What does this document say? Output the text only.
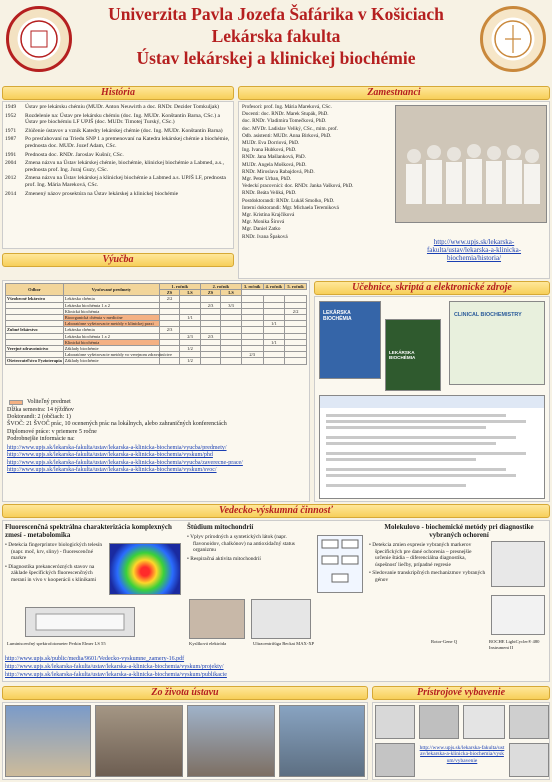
Univerzita Pavla Jozefa Šafárika v Košiciach
Lekárska fakulta
Ústav lekárskej a klinickej biochémie
História
1949	Ústav pre lekársku chémiu (MUDr. Anton Neuwirth a doc. RNDr. Dezider Tomkuljak)
1952	Rozdelenie na: Ústav pre lekársku chémiu (doc. Ing. MUDr. Konštantín Barna, CSc.) a Ústav pre biochémiu LF UPJŠ (doc. MUDr. Timotej Turský, CSc.)
1971	Zlúčenie ústavov a vznik Katedry lekárskej chémie (doc. Ing. MUDr. Konštantín Barna)
1987	Po presťahovaní na Triedu SNP 1 a premenovaní na Katedra lekárskej chémie a biochémie, prednosta doc. MUDr. Jozef Adam, CSc.
1991	Prednosta doc. RNDr. Jaroslav Kušnír, CSc.
2004	Zmena názvu na Ústav lekárskej chémie, biochémie, klinickej biochémie a Labmed, a.s., prednosta prof. Ing. Juraj Guzy, CSc.
2012	Zmena názvu na Ústav lekárskej a klinickej biochémie a Labmed a.s. UPJŠ LF, prednosta prof. Ing. Mária Mareková, CSc.
2014	Zmenený názov prosektúra na Ústav lekárskej a klinickej biochémie
Zamestnanci
Profesori: prof. Ing. Mária Mareková, CSc.
Docenti: doc. RNDr. Marek Stupák, PhD.
doc. RNDr. Vladimíra Tomečková, PhD.
doc. MVDr. Ladislav Veliký, CSc., mim. prof.
Odb. asistenti: MUDr. Anna Birková, PhD.
MUDr. Eva Dorriová, PhD.
Ing. Ivana Hubková, PhD.
RNDr. Jana Mašlanková, PhD.
MUDr. Angela Mošková, PhD.
RNDr. Miroslava Rabajdová, PhD.
Mgr. Peter Urban, PhD.
Vedeckí pracovníci: doc. RNDr. Janka Vašková, PhD.
RNDr. Beáta Veliká, PhD.
Postdoktorandi: RNDr. Lukáš Smolko, PhD.
Interní doktorandi: Mgr. Michaela Teremiková
Mgr. Kristína Krajčíková
Mgr. Monika Šírová
Mgr. Daniel Zatko
RNDr. Ivana Špaková
http://www.upjs.sk/lekarska-fakulta/ustav/lekarska-a-klinicka-biochemia/historia/
Výučba
Odbor	Vyučované predmety	1. ročník		2. ročník		3. ročník	4. ročník	5. ročník
		ZS	LS	ZS	LS			
Všeobecné lekárstvo	Lekárska chémia	2/2						
	Lekárska biochémia 1 a 2			2/3	3/3			
	Klinická biochémia							2/2
	Bioorganická chémia v medicíne		1/1					
	Laboratórne vyšetrovacie metódy v klinickej praxi						1/1	
Zubné lekárstvo	Lekárska chémia	2/3						
	Lekárska biochémia 1 a 2		2/3	2/3				
	Klinická biochémia						1/1	
Verejné zdravotníctvo	Základy biochémie		1/2					
	Laboratórne vyšetrovacie metódy vo verejnom zdravotníctve					2/3		
Ošetrovateľstvo Fyzioterapia	Základy biochémie		1/2					
Voliteľný predmet
Dĺžka semestra: 14 týždňov
Doktorandi: 2 (občiach: 1)
ŠVOČ: 21 ŠVOČ prác, 10 ocenených prác na lokálnych, alebo zahraničných konferenciách
Diplomové práce: v priemere 5 ročne
Podrobnejšie informácie na:
http://www.upjs.sk/lekarska-fakulta/ustav/lekarska-a-klinicka-biochemia/vyucba/predmety/
http://www.upjs.sk/lekarska-fakulta/ustav/lekarska-a-klinicka-biochemia/vyskum/phd
http://www.upjs.sk/lekarska-fakulta/ustav/lekarska-a-klinicka-biochemia/vyucba/zaverecne-prace/
http://www.upjs.sk/lekarska-fakulta/ustav/lekarska-a-klinicka-biochemia/vyskum/svoc/
Učebnice, skriptá a elektronické zdroje
LEKÁRSKA BIOCHÉMIA
LEKÁRSKA BIOCHÉMIA
CLINICAL BIOCHEMISTRY
Vedecko-výskumná činnosť
Fluorescenčná spektrálna charakterizácia komplexných zmesí - metabolomika
• Detekcia fingerprintov biologických telesín (napr. moč, krv, sliny) - fluorescenčné markre
• Diagnostika prekancerózných stavov na základe špecifických fluorescenčných meraní in vivo v kooperácii s klinikami
Luminiscenčný spektrofotometer Perkin Elmer LS 55
Štúdium mitochondrií
• Vplyv prírodných a syntetických látok (napr. flavonoidov, chalkónov) na antioxidačný status organizmu
• Respiračná aktivita mitochondrií
Kyslíková elektróda	Ultracentrifúga Beckat MAX-XP
Molekulovo - biochemické metódy pri diagnostike vybraných ochorení
• Detekcia zmien expresie vybraných markerov špecifických pre dané ochorenia – presnejšie určenie štádia – diferenciálna diagnostika, úspešnosť liečby, prípadné regresie
• Sledovanie transkripčných mechanizmov vybraných génov
Rotor-Gene Q	ROCHE LightCycler® 480 Instrument II
http://www.upjs.sk/public/media/9601/Vedecko-vyskumne_zamery-16.pdf
http://www.upjs.sk/lekarska-fakulta/ustav/lekarska-a-klinicka-biochemia/vyskum/projekty/
http://www.upjs.sk/lekarska-fakulta/ustav/lekarska-a-klinicka-biochemia/vyskum/publikacie
Zo života ústavu	Prístrojové vybavenie
http://www.upjs.sk/lekarska-fakulta/ustav/lekarska-a-klinicka-biochemia/vyskum/vybavenie
